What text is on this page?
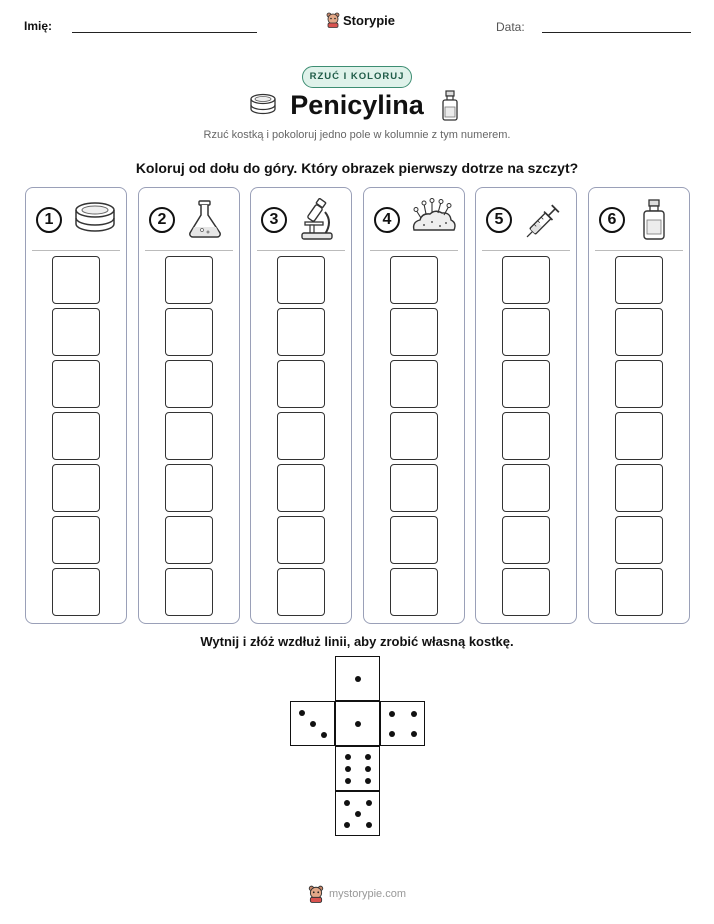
Imię:	Storypie	Data:
RZUĆ I KOLORUJ
Penicylina
Rzuć kostką i pokoloruj jedno pole w kolumnie z tym numerem.
Koloruj od dołu do góry. Który obrazek pierwszy dotrze na szczyt?
1	2	3	4	5	6
Wytnij i złóż wzdłuż linii, aby zrobić własną kostkę.
mystorypie.com
